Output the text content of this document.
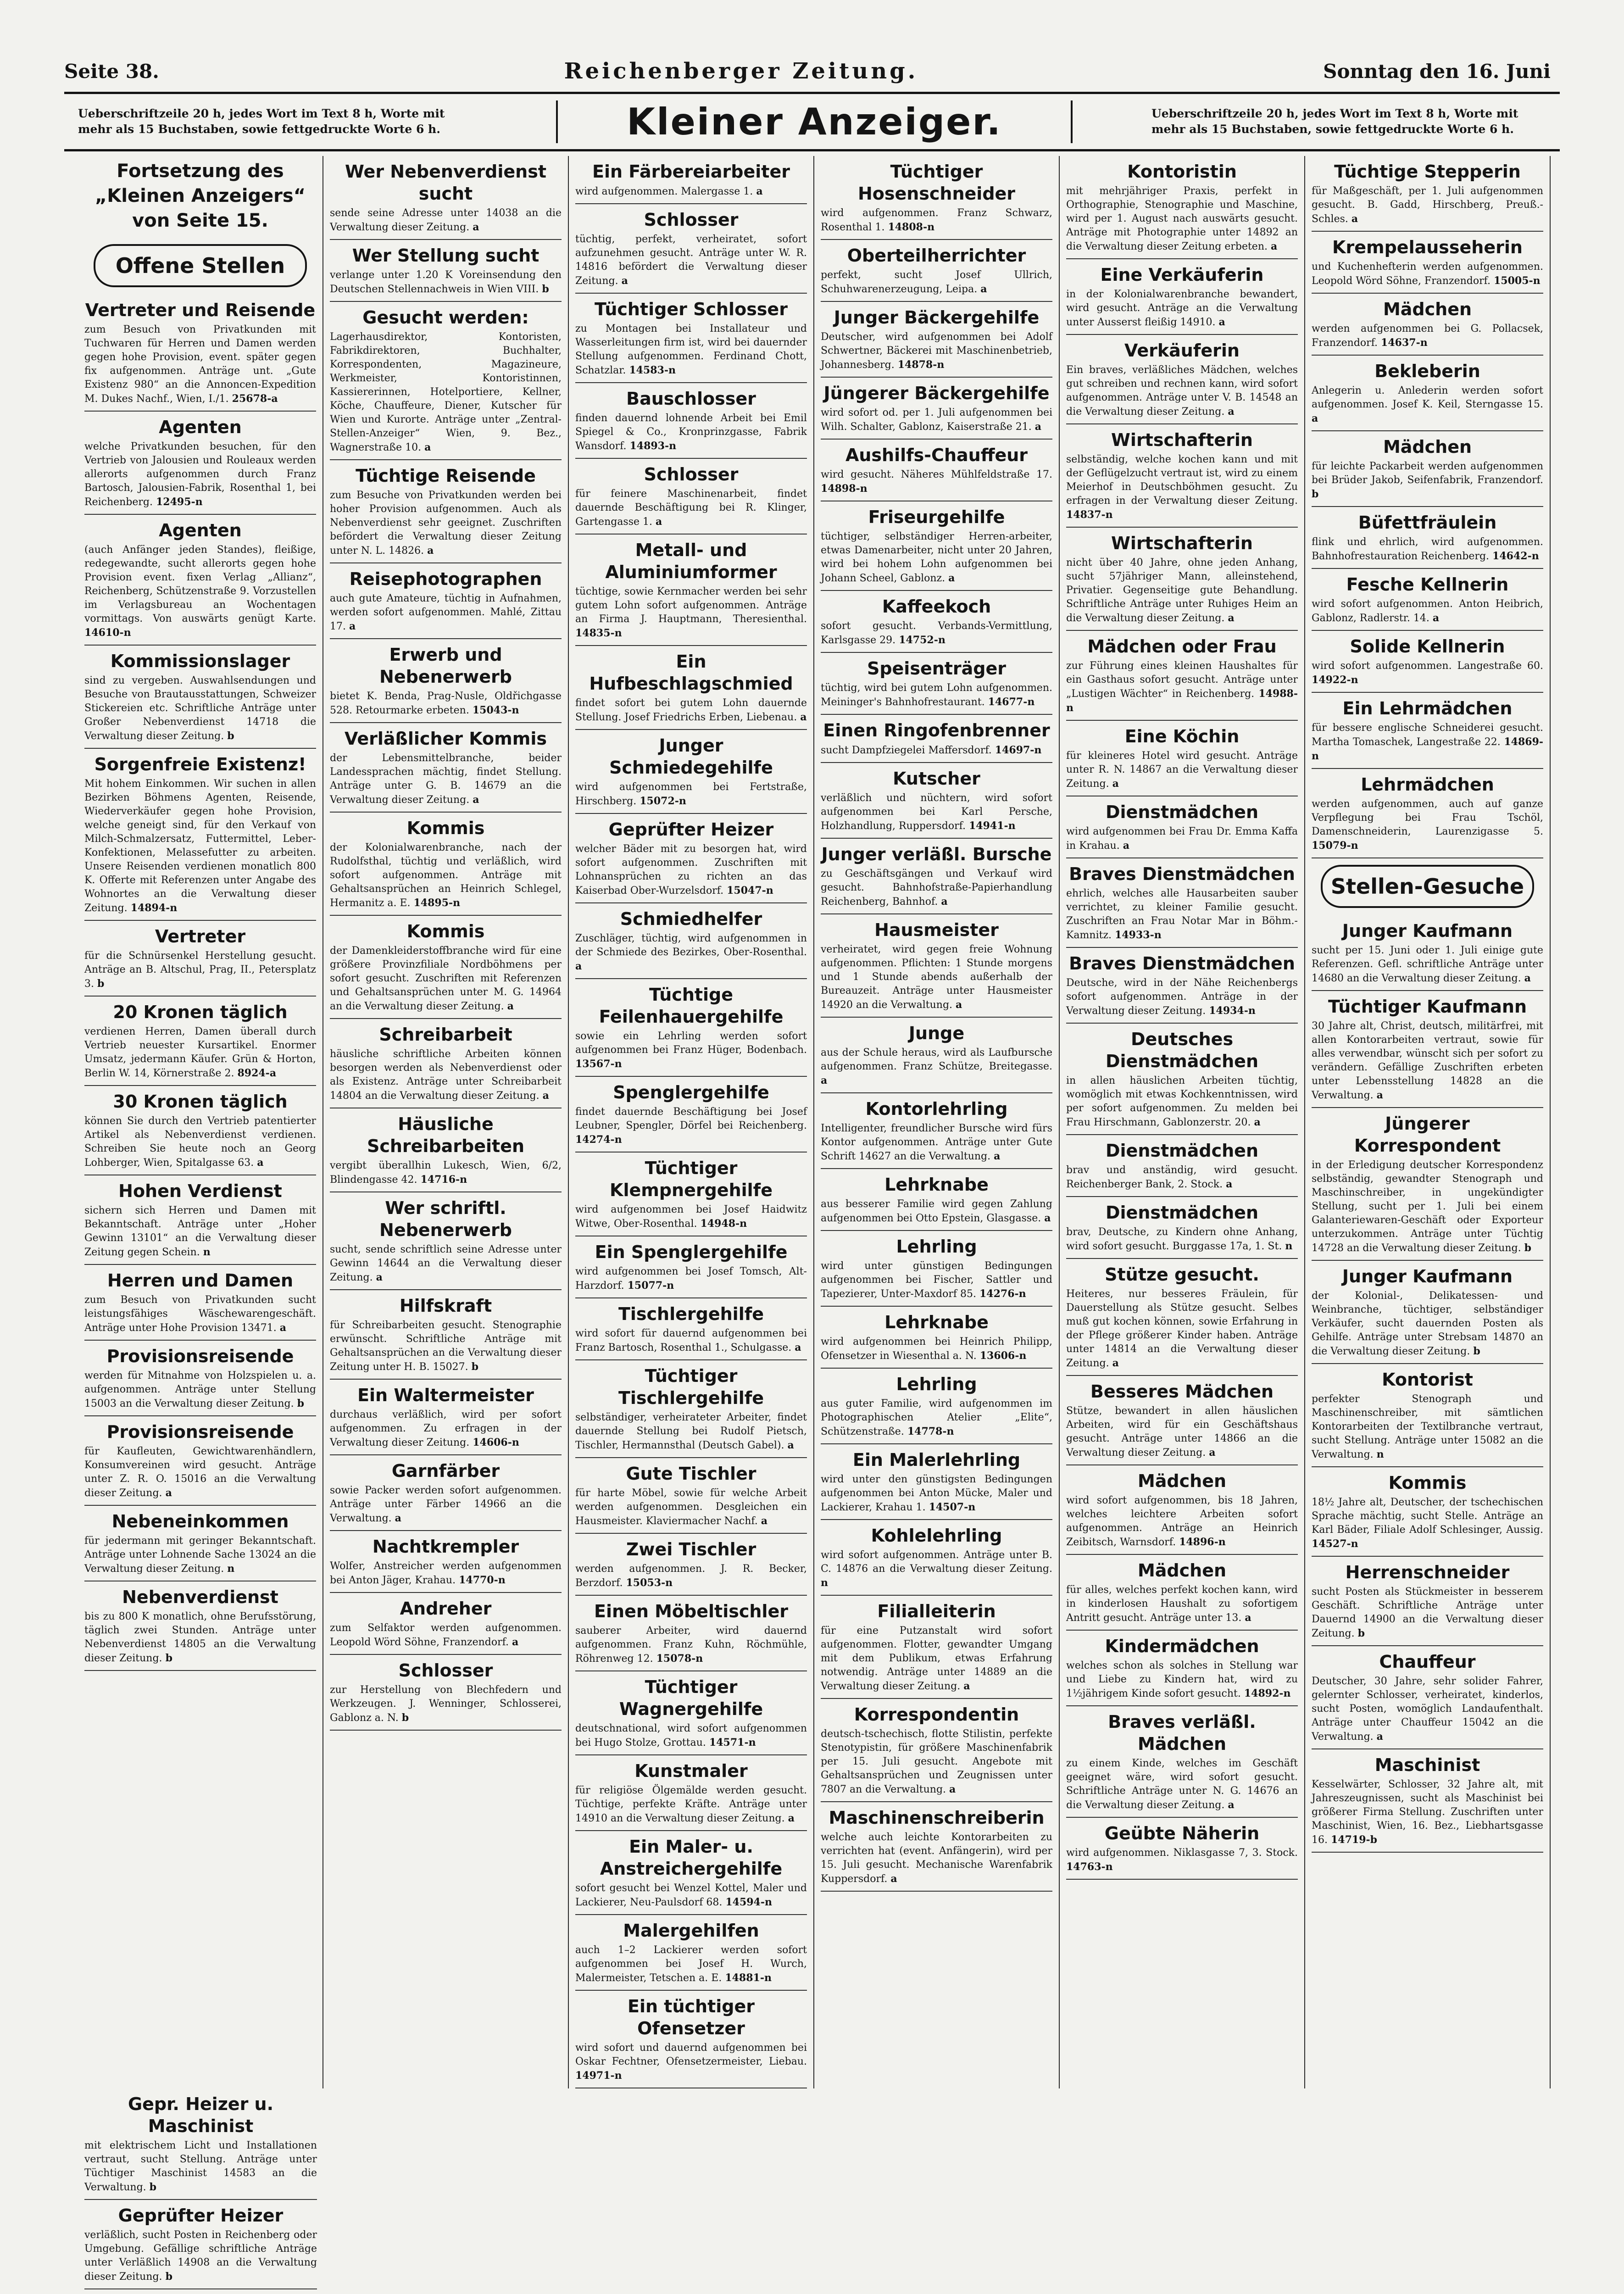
Seite 38.	Reichenberger Zeitung.	Sonntag den 16. Juni
Ueberschriftzeile 20 h, jedes Wort im Text 8 h, Worte mit mehr als 15 Buchstaben, sowie fettgedruckte Worte 6 h.	Kleiner Anzeiger.	Ueberschriftzeile 20 h, jedes Wort im Text 8 h, Worte mit mehr als 15 Buchstaben, sowie fettgedruckte Worte 6 h.
Fortsetzung des „Kleinen Anzeigers“ von Seite 15.
Offene Stellen
Vertreter und Reisende
zum Besuch von Privatkunden mit Tuchwaren für Herren und Damen werden gegen hohe Provision, event. später gegen fix aufgenommen. Anträge unt. „Gute Existenz 980“ an die Annoncen-Expedition M. Dukes Nachf., Wien, I./1. 25678-a
Agenten
welche Privatkunden besuchen, für den Vertrieb von Jalousien und Rouleaux werden allerorts aufgenommen durch Franz Bartosch, Jalousien-Fabrik, Rosenthal 1, bei Reichenberg. 12495-n
Agenten
(auch Anfänger jeden Standes), fleißige, redegewandte, sucht allerorts gegen hohe Provision event. fixen Verlag „Allianz“, Reichenberg, Schützenstraße 9. Vorzustellen im Verlagsbureau an Wochentagen vormittags. Von auswärts genügt Karte. 14610-n
Kommissionslager
sind zu vergeben. Auswahlsendungen und Besuche von Brautausstattungen, Schweizer Stickereien etc. Schriftliche Anträge unter Großer Nebenverdienst 14718 die Verwaltung dieser Zeitung. b
Sorgenfreie Existenz!
Mit hohem Einkommen. Wir suchen in allen Bezirken Böhmens Agenten, Reisende, Wiederverkäufer gegen hohe Provision, welche geneigt sind, für den Verkauf von Milch-Schmalzersatz, Futtermittel, Leber-Konfektionen, Melassefutter zu arbeiten. Unsere Reisenden verdienen monatlich 800 K. Offerte mit Referenzen unter Angabe des Wohnortes an die Verwaltung dieser Zeitung. 14894-n
Vertreter
für die Schnürsenkel Herstellung gesucht. Anträge an B. Altschul, Prag, II., Petersplatz 3. b
20 Kronen täglich
verdienen Herren, Damen überall durch Vertrieb neuester Kursartikel. Enormer Umsatz, jedermann Käufer. Grün & Horton, Berlin W. 14, Körnerstraße 2. 8924-a
30 Kronen täglich
können Sie durch den Vertrieb patentierter Artikel als Nebenverdienst verdienen. Schreiben Sie heute noch an Georg Lohberger, Wien, Spitalgasse 63. a
Hohen Verdienst
sichern sich Herren und Damen mit Bekanntschaft. Anträge unter „Hoher Gewinn 13101“ an die Verwaltung dieser Zeitung gegen Schein. n
Herren und Damen
zum Besuch von Privatkunden sucht leistungsfähiges Wäschewarengeschäft. Anträge unter Hohe Provision 13471. a
Provisionsreisende
werden für Mitnahme von Holzspielen u. a. aufgenommen. Anträge unter Stellung 15003 an die Verwaltung dieser Zeitung. b
Provisionsreisende
für Kaufleuten, Gewichtwarenhändlern, Konsumvereinen wird gesucht. Anträge unter Z. R. O. 15016 an die Verwaltung dieser Zeitung. a
Nebeneinkommen
für jedermann mit geringer Bekanntschaft. Anträge unter Lohnende Sache 13024 an die Verwaltung dieser Zeitung. n
Nebenverdienst
bis zu 800 K monatlich, ohne Berufsstörung, täglich zwei Stunden. Anträge unter Nebenverdienst 14805 an die Verwaltung dieser Zeitung. b
Wer Nebenverdienst sucht
sende seine Adresse unter 14038 an die Verwaltung dieser Zeitung. a
Wer Stellung sucht
verlange unter 1.20 K Voreinsendung den Deutschen Stellennachweis in Wien VIII. b
Gesucht werden:
Lagerhausdirektor, Kontoristen, Fabrikdirektoren, Buchhalter, Korrespondenten, Magazineure, Werkmeister, Kontoristinnen, Kassiererinnen, Hotelportiere, Kellner, Köche, Chauffeure, Diener, Kutscher für Wien und Kurorte. Anträge unter „Zentral-Stellen-Anzeiger“ Wien, 9. Bez., Wagnerstraße 10. a
Tüchtige Reisende
zum Besuche von Privatkunden werden bei hoher Provision aufgenommen. Auch als Nebenverdienst sehr geeignet. Zuschriften befördert die Verwaltung dieser Zeitung unter N. L. 14826. a
Reisephotographen
auch gute Amateure, tüchtig in Aufnahmen, werden sofort aufgenommen. Mahlé, Zittau 17. a
Erwerb und Nebenerwerb
bietet K. Benda, Prag-Nusle, Oldřichgasse 528. Retourmarke erbeten. 15043-n
Verläßlicher Kommis
der Lebensmittelbranche, beider Landessprachen mächtig, findet Stellung. Anträge unter G. B. 14679 an die Verwaltung dieser Zeitung. a
Kommis
der Kolonialwarenbranche, nach der Rudolfsthal, tüchtig und verläßlich, wird sofort aufgenommen. Anträge mit Gehaltsansprüchen an Heinrich Schlegel, Hermanitz a. E. 14895-n
Kommis
der Damenkleiderstoffbranche wird für eine größere Provinzfiliale Nordböhmens per sofort gesucht. Zuschriften mit Referenzen und Gehaltsansprüchen unter M. G. 14964 an die Verwaltung dieser Zeitung. a
Schreibarbeit
häusliche schriftliche Arbeiten können besorgen werden als Nebenverdienst oder als Existenz. Anträge unter Schreibarbeit 14804 an die Verwaltung dieser Zeitung. a
Häusliche Schreibarbeiten
vergibt überallhin Lukesch, Wien, 6/2, Blindengasse 42. 14716-n
Wer schriftl. Nebenerwerb
sucht, sende schriftlich seine Adresse unter Gewinn 14644 an die Verwaltung dieser Zeitung. a
Hilfskraft
für Schreibarbeiten gesucht. Stenographie erwünscht. Schriftliche Anträge mit Gehaltsansprüchen an die Verwaltung dieser Zeitung unter H. B. 15027. b
Ein Waltermeister
durchaus verläßlich, wird per sofort aufgenommen. Zu erfragen in der Verwaltung dieser Zeitung. 14606-n
Garnfärber
sowie Packer werden sofort aufgenommen. Anträge unter Färber 14966 an die Verwaltung. a
Nachtkrempler
Wolfer, Anstreicher werden aufgenommen bei Anton Jäger, Krahau. 14770-n
Andreher
zum Selfaktor werden aufgenommen. Leopold Wörd Söhne, Franzendorf. a
Schlosser
zur Herstellung von Blechfedern und Werkzeugen. J. Wenninger, Schlosserei, Gablonz a. N. b
Ein Färbereiarbeiter
wird aufgenommen. Malergasse 1. a
Schlosser
tüchtig, perfekt, verheiratet, sofort aufzunehmen gesucht. Anträge unter W. R. 14816 befördert die Verwaltung dieser Zeitung. a
Tüchtiger Schlosser
zu Montagen bei Installateur und Wasserleitungen firm ist, wird bei dauernder Stellung aufgenommen. Ferdinand Chott, Schatzlar. 14583-n
Bauschlosser
finden dauernd lohnende Arbeit bei Emil Spiegel & Co., Kronprinzgasse, Fabrik Wansdorf. 14893-n
Schlosser
für feinere Maschinenarbeit, findet dauernde Beschäftigung bei R. Klinger, Gartengasse 1. a
Metall- und Aluminiumformer
tüchtige, sowie Kernmacher werden bei sehr gutem Lohn sofort aufgenommen. Anträge an Firma J. Hauptmann, Theresienthal. 14835-n
Ein Hufbeschlagschmied
findet sofort bei gutem Lohn dauernde Stellung. Josef Friedrichs Erben, Liebenau. a
Junger Schmiedegehilfe
wird aufgenommen bei Fertstraße, Hirschberg. 15072-n
Geprüfter Heizer
welcher Bäder mit zu besorgen hat, wird sofort aufgenommen. Zuschriften mit Lohnansprüchen zu richten an das Kaiserbad Ober-Wurzelsdorf. 15047-n
Schmiedhelfer
Zuschläger, tüchtig, wird aufgenommen in der Schmiede des Bezirkes, Ober-Rosenthal. a
Tüchtige Feilenhauergehilfe
sowie ein Lehrling werden sofort aufgenommen bei Franz Hüger, Bodenbach. 13567-n
Spenglergehilfe
findet dauernde Beschäftigung bei Josef Leubner, Spengler, Dörfel bei Reichenberg. 14274-n
Tüchtiger Klempnergehilfe
wird aufgenommen bei Josef Haidwitz Witwe, Ober-Rosenthal. 14948-n
Ein Spenglergehilfe
wird aufgenommen bei Josef Tomsch, Alt-Harzdorf. 15077-n
Tischlergehilfe
wird sofort für dauernd aufgenommen bei Franz Bartosch, Rosenthal 1., Schulgasse. a
Tüchtiger Tischlergehilfe
selbständiger, verheirateter Arbeiter, findet dauernde Stellung bei Rudolf Pietsch, Tischler, Hermannsthal (Deutsch Gabel). a
Gute Tischler
für harte Möbel, sowie für welche Arbeit werden aufgenommen. Desgleichen ein Hausmeister. Klaviermacher Nachf. a
Zwei Tischler
werden aufgenommen. J. R. Becker, Berzdorf. 15053-n
Einen Möbeltischler
sauberer Arbeiter, wird dauernd aufgenommen. Franz Kuhn, Röchmühle, Röhrenweg 12. 15078-n
Tüchtiger Wagnergehilfe
deutschnational, wird sofort aufgenommen bei Hugo Stolze, Grottau. 14571-n
Kunstmaler
für religiöse Ölgemälde werden gesucht. Tüchtige, perfekte Kräfte. Anträge unter 14910 an die Verwaltung dieser Zeitung. a
Ein Maler- u. Anstreichergehilfe
sofort gesucht bei Wenzel Kottel, Maler und Lackierer, Neu-Paulsdorf 68. 14594-n
Malergehilfen
auch 1–2 Lackierer werden sofort aufgenommen bei Josef H. Wurch, Malermeister, Tetschen a. E. 14881-n
Ein tüchtiger Ofensetzer
wird sofort und dauernd aufgenommen bei Oskar Fechtner, Ofensetzermeister, Liebau. 14971-n
Tüchtiger Hosenschneider
wird aufgenommen. Franz Schwarz, Rosenthal 1. 14808-n
Oberteilherrichter
perfekt, sucht Josef Ullrich, Schuhwarenerzeugung, Leipa. a
Junger Bäckergehilfe
Deutscher, wird aufgenommen bei Adolf Schwertner, Bäckerei mit Maschinenbetrieb, Johannesberg. 14878-n
Jüngerer Bäckergehilfe
wird sofort od. per 1. Juli aufgenommen bei Wilh. Schalter, Gablonz, Kaiserstraße 21. a
Aushilfs-Chauffeur
wird gesucht. Näheres Mühlfeldstraße 17. 14898-n
Friseurgehilfe
tüchtiger, selbständiger Herren-arbeiter, etwas Damenarbeiter, nicht unter 20 Jahren, wird bei hohem Lohn aufgenommen bei Johann Scheel, Gablonz. a
Kaffeekoch
sofort gesucht. Verbands-Vermittlung, Karlsgasse 29. 14752-n
Speisenträger
tüchtig, wird bei gutem Lohn aufgenommen. Meininger's Bahnhofrestaurant. 14677-n
Einen Ringofenbrenner
sucht Dampfziegelei Maffersdorf. 14697-n
Kutscher
verläßlich und nüchtern, wird sofort aufgenommen bei Karl Persche, Holzhandlung, Ruppersdorf. 14941-n
Junger verläßl. Bursche
zu Geschäftsgängen und Verkauf wird gesucht. Bahnhofstraße-Papierhandlung Reichenberg, Bahnhof. a
Hausmeister
verheiratet, wird gegen freie Wohnung aufgenommen. Pflichten: 1 Stunde morgens und 1 Stunde abends außerhalb der Bureauzeit. Anträge unter Hausmeister 14920 an die Verwaltung. a
Junge
aus der Schule heraus, wird als Laufbursche aufgenommen. Franz Schütze, Breitegasse. a
Kontorlehrling
Intelligenter, freundlicher Bursche wird fürs Kontor aufgenommen. Anträge unter Gute Schrift 14627 an die Verwaltung. a
Lehrknabe
aus besserer Familie wird gegen Zahlung aufgenommen bei Otto Epstein, Glasgasse. a
Lehrling
wird unter günstigen Bedingungen aufgenommen bei Fischer, Sattler und Tapezierer, Unter-Maxdorf 85. 14276-n
Lehrknabe
wird aufgenommen bei Heinrich Philipp, Ofensetzer in Wiesenthal a. N. 13606-n
Lehrling
aus guter Familie, wird aufgenommen im Photographischen Atelier „Elite“, Schützenstraße. 14778-n
Ein Malerlehrling
wird unter den günstigsten Bedingungen aufgenommen bei Anton Mücke, Maler und Lackierer, Krahau 1. 14507-n
Kohlelehrling
wird sofort aufgenommen. Anträge unter B. C. 14876 an die Verwaltung dieser Zeitung. n
Filialleiterin
für eine Putzanstalt wird sofort aufgenommen. Flotter, gewandter Umgang mit dem Publikum, etwas Erfahrung notwendig. Anträge unter 14889 an die Verwaltung dieser Zeitung. a
Korrespondentin
deutsch-tschechisch, flotte Stilistin, perfekte Stenotypistin, für größere Maschinenfabrik per 15. Juli gesucht. Angebote mit Gehaltsansprüchen und Zeugnissen unter 7807 an die Verwaltung. a
Maschinenschreiberin
welche auch leichte Kontorarbeiten zu verrichten hat (event. Anfängerin), wird per 15. Juli gesucht. Mechanische Warenfabrik Kuppersdorf. a
Kontoristin
mit mehrjähriger Praxis, perfekt in Orthographie, Stenographie und Maschine, wird per 1. August nach auswärts gesucht. Anträge mit Photographie unter 14892 an die Verwaltung dieser Zeitung erbeten. a
Eine Verkäuferin
in der Kolonialwarenbranche bewandert, wird gesucht. Anträge an die Verwaltung unter Ausserst fleißig 14910. a
Verkäuferin
Ein braves, verläßliches Mädchen, welches gut schreiben und rechnen kann, wird sofort aufgenommen. Anträge unter V. B. 14548 an die Verwaltung dieser Zeitung. a
Wirtschafterin
selbständig, welche kochen kann und mit der Geflügelzucht vertraut ist, wird zu einem Meierhof in Deutschböhmen gesucht. Zu erfragen in der Verwaltung dieser Zeitung. 14837-n
Wirtschafterin
nicht über 40 Jahre, ohne jeden Anhang, sucht 57jähriger Mann, alleinstehend, Privatier. Gegenseitige gute Behandlung. Schriftliche Anträge unter Ruhiges Heim an die Verwaltung dieser Zeitung. a
Mädchen oder Frau
zur Führung eines kleinen Haushaltes für ein Gasthaus sofort gesucht. Anträge unter „Lustigen Wächter“ in Reichenberg. 14988-n
Eine Köchin
für kleineres Hotel wird gesucht. Anträge unter R. N. 14867 an die Verwaltung dieser Zeitung. a
Dienstmädchen
wird aufgenommen bei Frau Dr. Emma Kaffa in Krahau. a
Braves Dienstmädchen
ehrlich, welches alle Hausarbeiten sauber verrichtet, zu kleiner Familie gesucht. Zuschriften an Frau Notar Mar in Böhm.-Kamnitz. 14933-n
Braves Dienstmädchen
Deutsche, wird in der Nähe Reichenbergs sofort aufgenommen. Anträge in der Verwaltung dieser Zeitung. 14934-n
Deutsches Dienstmädchen
in allen häuslichen Arbeiten tüchtig, womöglich mit etwas Kochkenntnissen, wird per sofort aufgenommen. Zu melden bei Frau Hirschmann, Gablonzerstr. 20. a
Dienstmädchen
brav und anständig, wird gesucht. Reichenberger Bank, 2. Stock. a
Dienstmädchen
brav, Deutsche, zu Kindern ohne Anhang, wird sofort gesucht. Burggasse 17a, 1. St. n
Stütze gesucht.
Heiteres, nur besseres Fräulein, für Dauerstellung als Stütze gesucht. Selbes muß gut kochen können, sowie Erfahrung in der Pflege größerer Kinder haben. Anträge unter 14814 an die Verwaltung dieser Zeitung. a
Besseres Mädchen
Stütze, bewandert in allen häuslichen Arbeiten, wird für ein Geschäftshaus gesucht. Anträge unter 14866 an die Verwaltung dieser Zeitung. a
Mädchen
wird sofort aufgenommen, bis 18 Jahren, welches leichtere Arbeiten sofort aufgenommen. Anträge an Heinrich Zeibitsch, Warnsdorf. 14896-n
Mädchen
für alles, welches perfekt kochen kann, wird in kinderlosen Haushalt zu sofortigem Antritt gesucht. Anträge unter 13. a
Kindermädchen
welches schon als solches in Stellung war und Liebe zu Kindern hat, wird zu 1½jährigem Kinde sofort gesucht. 14892-n
Braves verläßl. Mädchen
zu einem Kinde, welches im Geschäft geeignet wäre, wird sofort gesucht. Schriftliche Anträge unter N. G. 14676 an die Verwaltung dieser Zeitung. a
Geübte Näherin
wird aufgenommen. Niklasgasse 7, 3. Stock. 14763-n
Tüchtige Stepperin
für Maßgeschäft, per 1. Juli aufgenommen gesucht. B. Gadd, Hirschberg, Preuß.-Schles. a
Krempelausseherin
und Kuchenhefterin werden aufgenommen. Leopold Wörd Söhne, Franzendorf. 15005-n
Mädchen
werden aufgenommen bei G. Pollacsek, Franzendorf. 14637-n
Bekleberin
Anlegerin u. Anlederin werden sofort aufgenommen. Josef K. Keil, Sterngasse 15. a
Mädchen
für leichte Packarbeit werden aufgenommen bei Brüder Jakob, Seifenfabrik, Franzendorf. b
Büfettfräulein
flink und ehrlich, wird aufgenommen. Bahnhofrestauration Reichenberg. 14642-n
Fesche Kellnerin
wird sofort aufgenommen. Anton Heibrich, Gablonz, Radlerstr. 14. a
Solide Kellnerin
wird sofort aufgenommen. Langestraße 60. 14922-n
Ein Lehrmädchen
für bessere englische Schneiderei gesucht. Martha Tomaschek, Langestraße 22. 14869-n
Lehrmädchen
werden aufgenommen, auch auf ganze Verpflegung bei Frau Tschöl, Damenschneiderin, Laurenzigasse 5. 15079-n
Stellen-Gesuche
Junger Kaufmann
sucht per 15. Juni oder 1. Juli einige gute Referenzen. Gefl. schriftliche Anträge unter 14680 an die Verwaltung dieser Zeitung. a
Tüchtiger Kaufmann
30 Jahre alt, Christ, deutsch, militärfrei, mit allen Kontorarbeiten vertraut, sowie für alles verwendbar, wünscht sich per sofort zu verändern. Gefällige Zuschriften erbeten unter Lebensstellung 14828 an die Verwaltung. a
Jüngerer Korrespondent
in der Erledigung deutscher Korrespondenz selbständig, gewandter Stenograph und Maschinschreiber, in ungekündigter Stellung, sucht per 1. Juli bei einem Galanteriewaren-Geschäft oder Exporteur unterzukommen. Anträge unter Tüchtig 14728 an die Verwaltung dieser Zeitung. b
Junger Kaufmann
der Kolonial-, Delikatessen- und Weinbranche, tüchtiger, selbständiger Verkäufer, sucht dauernden Posten als Gehilfe. Anträge unter Strebsam 14870 an die Verwaltung dieser Zeitung. b
Kontorist
perfekter Stenograph und Maschinenschreiber, mit sämtlichen Kontorarbeiten der Textilbranche vertraut, sucht Stellung. Anträge unter 15082 an die Verwaltung. n
Kommis
18½ Jahre alt, Deutscher, der tschechischen Sprache mächtig, sucht Stelle. Anträge an Karl Bäder, Filiale Adolf Schlesinger, Aussig. 14527-n
Herrenschneider
sucht Posten als Stückmeister in besserem Geschäft. Schriftliche Anträge unter Dauernd 14900 an die Verwaltung dieser Zeitung. b
Chauffeur
Deutscher, 30 Jahre, sehr solider Fahrer, gelernter Schlosser, verheiratet, kinderlos, sucht Posten, womöglich Landaufenthalt. Anträge unter Chauffeur 15042 an die Verwaltung. a
Maschinist
Kesselwärter, Schlosser, 32 Jahre alt, mit Jahreszeugnissen, sucht als Maschinist bei größerer Firma Stellung. Zuschriften unter Maschinist, Wien, 16. Bez., Liebhartsgasse 16. 14719-b
Gepr. Heizer u. Maschinist
mit elektrischem Licht und Installationen vertraut, sucht Stellung. Anträge unter Tüchtiger Maschinist 14583 an die Verwaltung. b
Geprüfter Heizer
verläßlich, sucht Posten in Reichenberg oder Umgebung. Gefällige schriftliche Anträge unter Verläßlich 14908 an die Verwaltung dieser Zeitung. b
